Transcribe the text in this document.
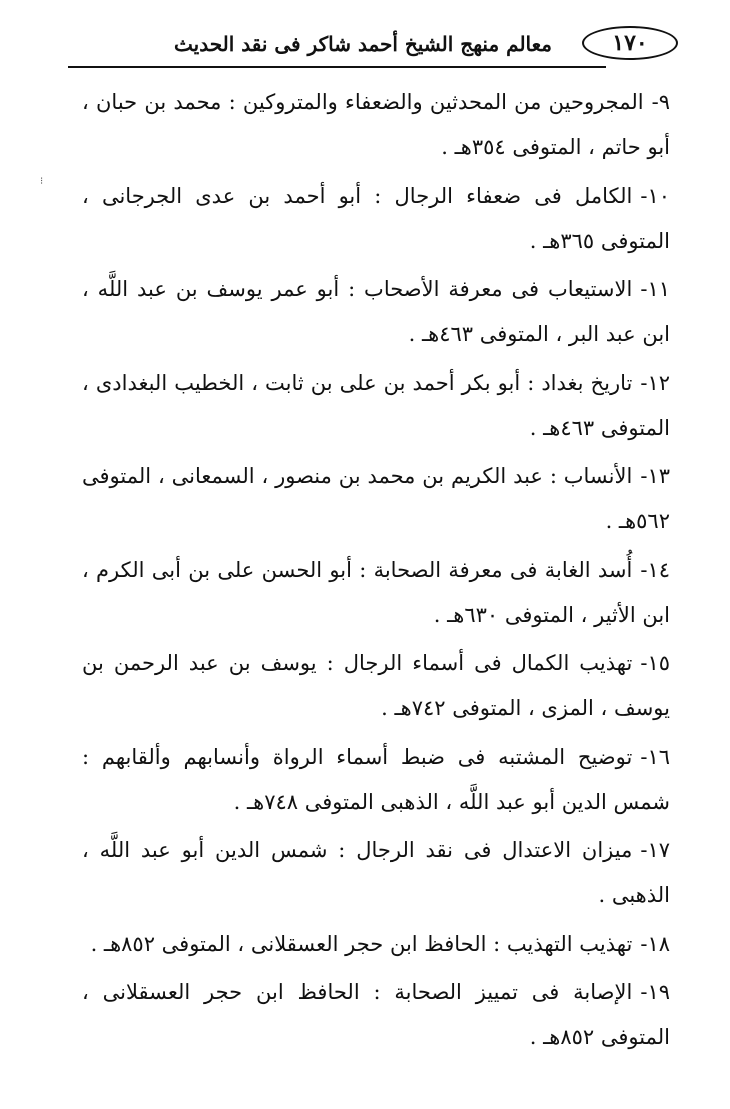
١٧٠
معالم منهج الشيخ أحمد شاكر فى نقد الحديث
⁝

٩-المجروحين من المحدثين والضعفاء والمتروكين : محمد بن حبان ، أبو حاتم ، المتوفى ٣٥٤هـ .

١٠-الكامل فى ضعفاء الرجال : أبو أحمد بن عدى الجرجانى ، المتوفى ٣٦٥هـ .

١١-الاستيعاب فى معرفة الأصحاب : أبو عمر يوسف بن عبد اللَّه ، ابن عبد البر ، المتوفى ٤٦٣هـ .

١٢-تاريخ بغداد : أبو بكر أحمد بن على بن ثابت ، الخطيب البغدادى ، المتوفى ٤٦٣هـ .

١٣-الأنساب : عبد الكريم بن محمد بن منصور ، السمعانى ، المتوفى ٥٦٢هـ .

١٤-أُسد الغابة فى معرفة الصحابة : أبو الحسن على بن أبى الكرم ، ابن الأثير ، المتوفى ٦٣٠هـ .

١٥-تهذيب الكمال فى أسماء الرجال : يوسف بن عبد الرحمن بن يوسف ، المزى ، المتوفى ٧٤٢هـ .

١٦-توضيح المشتبه فى ضبط أسماء الرواة وأنسابهم وألقابهم : شمس الدين أبو عبد اللَّه ، الذهبى المتوفى ٧٤٨هـ .

١٧-ميزان الاعتدال فى نقد الرجال : شمس الدين أبو عبد اللَّه ، الذهبى .

١٨-تهذيب التهذيب : الحافظ ابن حجر العسقلانى ، المتوفى ٨٥٢هـ .

١٩-الإصابة فى تمييز الصحابة : الحافظ ابن حجر العسقلانى ، المتوفى ٨٥٢هـ .
